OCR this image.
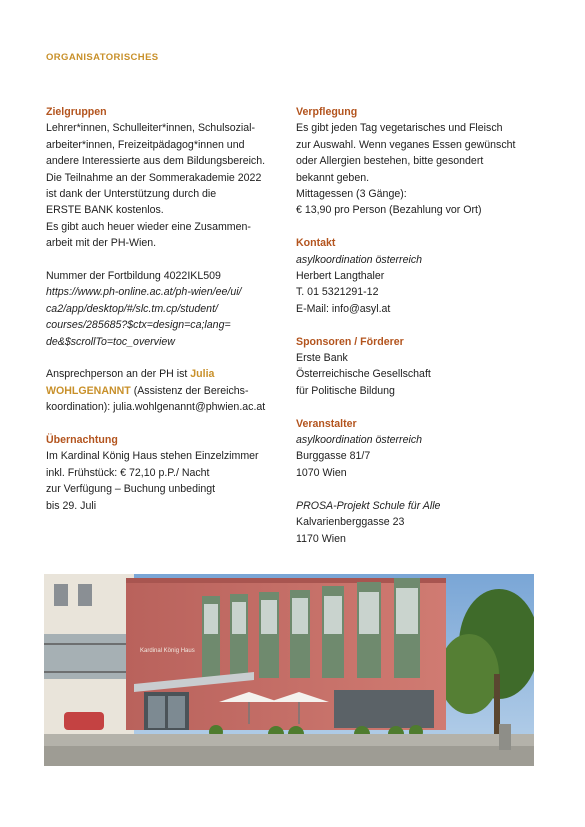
ORGANISATORISCHES
Zielgruppen
Lehrer*innen, Schulleiter*innen, Schulsozial-
arbeiter*innen, Freizeitpädagog*innen und
andere Interessierte aus dem Bildungsbereich.
Die Teilnahme an der Sommerakademie 2022
ist dank der Unterstützung durch die
ERSTE BANK kostenlos.
Es gibt auch heuer wieder eine Zusammen-
arbeit mit der PH-Wien.
Nummer der Fortbildung 4022IKL509
https://www.ph-online.ac.at/ph-wien/ee/ui/
ca2/app/desktop/#/slc.tm.cp/student/
courses/285685?$ctx=design=ca;lang=
de&$scrollTo=toc_overview
Ansprechperson an der PH ist Julia
WOHLGENANNT (Assistenz der Bereichs-
koordination): julia.wohlgenannt@phwien.ac.at
Übernachtung
Im Kardinal König Haus stehen Einzelzimmer
inkl. Frühstück: € 72,10 p.P./ Nacht
zur Verfügung – Buchung unbedingt
bis 29. Juli
Verpflegung
Es gibt jeden Tag vegetarisches und Fleisch
zur Auswahl. Wenn veganes Essen gewünscht
oder Allergien bestehen, bitte gesondert
bekannt geben.
Mittagessen (3 Gänge):
€ 13,90 pro Person (Bezahlung vor Ort)
Kontakt
asylkoordination österreich
Herbert Langthaler
T. 01 5321291-12
E-Mail: info@asyl.at
Sponsoren / Förderer
Erste Bank
Österreichische Gesellschaft
für Politische Bildung
Veranstalter
asylkoordination österreich
Burggasse 81/7
1070 Wien
PROSA-Projekt Schule für Alle
Kalvarienberggasse 23
1170 Wien
Kardinal König Haus
